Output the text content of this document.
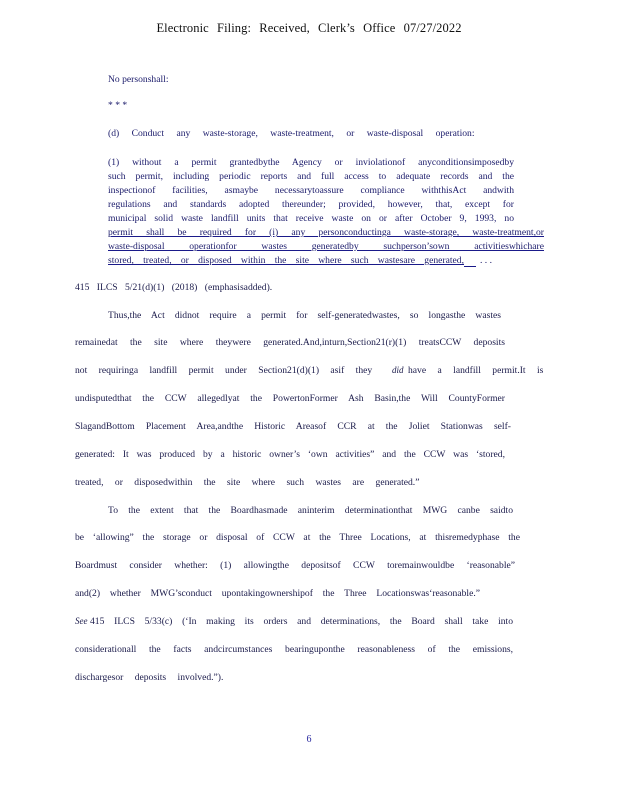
Electronic Filing: Received, Clerk’s Office 07/27/2022
No personshall:
* * *
(d) Conduct any waste-storage, waste-treatment, or waste-disposal operation:
(1) without a permit grantedbythe Agency or inviolationof anyconditionsimposedby
such permit, including periodic reports and full access to adequate records and the
inspectionof facilities, asmaybe necessarytoassure compliance withthisAct andwith
regulations and standards adopted thereunder; provided, however, that, except for
municipal solid waste landfill units that receive waste on or after October 9, 1993, no
permit shall be required for (i) any personconductinga waste-storage, waste-treatment,or
waste-disposal operationfor wastes generatedby suchperson’sown activitieswhichare
stored, treated, or disposed within the site where such wastesare generated, . . .
415 ILCS 5/21(d)(1) (2018) (emphasisadded).
Thus,the Act didnot require a permit for self-generatedwastes, so longasthe wastes
remainedat the site where theywere generated.And,inturn,Section21(r)(1) treatsCCW deposits
not requiringa landfill permit under Section21(d)(1) asif they did have a landfill permit.It is
undisputedthat the CCW allegedlyat the PowertonFormer Ash Basin,the Will CountyFormer
SlagandBottom Placement Area,andthe Historic Areasof CCR at the Joliet Stationwas self-
generated: It was produced by a historic owner’s ‘own activities” and the CCW was ‘stored,
treated, or disposedwithin the site where such wastes are generated.”
To the extent that the Boardhasmade aninterim determinationthat MWG canbe saidto
be ‘allowing” the storage or disposal of CCW at the Three Locations, at thisremedyphase the
Boardmust consider whether: (1) allowingthe depositsof CCW toremainwouldbe ‘reasonable”
and(2) whether MWG’sconduct upontakingownershipof the Three Locationswas‘reasonable.”
See 415 ILCS 5/33(c) (‘In making its orders and determinations, the Board shall take into
considerationall the facts andcircumstances bearinguponthe reasonableness of the emissions,
dischargesor deposits involved.”).
6
